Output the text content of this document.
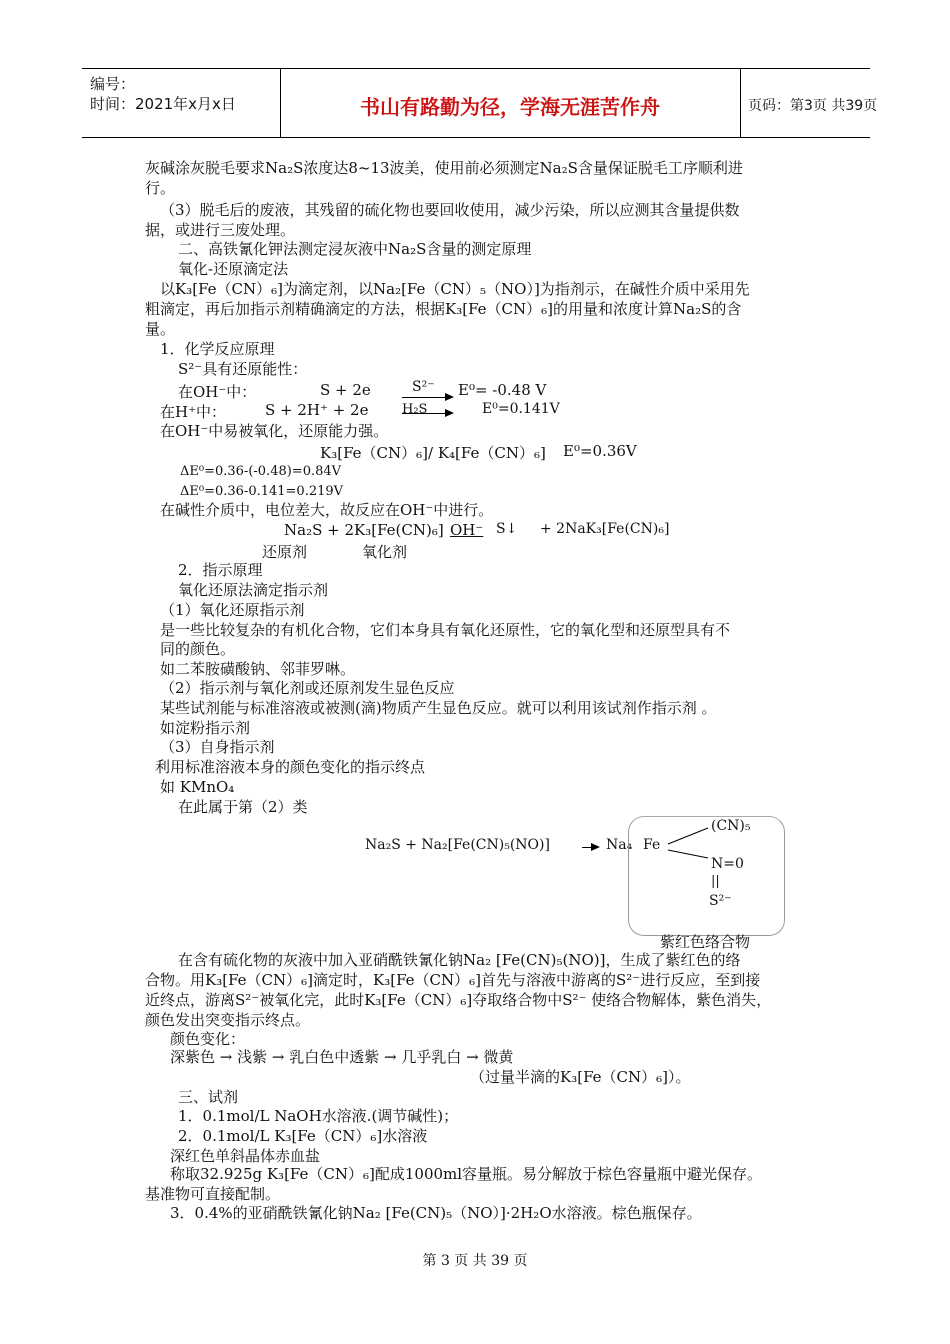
编号：
时间：2021年x月x日	书山有路勤为径，学海无涯苦作舟	页码：第3页 共39页
灰碱涂灰脱毛要求Na₂S浓度达8~13波美，使用前必须测定Na₂S含量保证脱毛工序顺利进
行。
（3）脱毛后的废液，其残留的硫化物也要回收使用，减少污染，所以应测其含量提供数
据，或进行三废处理。
二、高铁氰化钾法测定浸灰液中Na₂S含量的测定原理
氧化-还原滴定法
以K₃[Fe（CN）₆]为滴定剂，以Na₂[Fe（CN）₅（NO）]为指剂示，在碱性介质中采用先
粗滴定，再后加指示剂精确滴定的方法，根据K₃[Fe（CN）₆]的用量和浓度计算Na₂S的含
量。
1．化学反应原理
S²⁻具有还原能性：
在OH⁻中：	S + 2e	S²⁻ → E⁰= -0.48 V
在H⁺中：	S + 2H⁺ + 2e	H₂S	E⁰=0.141V
在OH⁻中易被氧化，还原能力强。
K₃[Fe（CN）₆]/ K₄[Fe（CN）₆] E⁰=0.36V
ΔE⁰=0.36-(-0.48)=0.84V
ΔE⁰=0.36-0.141=0.219V
在碱性介质中，电位差大，故反应在OH⁻中进行。
Na₂S + 2K₃[Fe(CN)₆] OH⁻ S↓ + 2NaK₃[Fe(CN)₆]
还原剂	氧化剂
2．指示原理
氧化还原法滴定指示剂
（1）氧化还原指示剂
是一些比较复杂的有机化合物，它们本身具有氧化还原性，它的氧化型和还原型具有不
同的颜色。
如二苯胺磺酸钠、邻菲罗啉。
（2）指示剂与氧化剂或还原剂发生显色反应
某些试剂能与标准溶液或被测(滴)物质产生显色反应。就可以利用该试剂作指示剂 。
如淀粉指示剂
（3）自身指示剂
利用标准溶液本身的颜色变化的指示终点
如 KMnO₄
在此属于第（2）类
Na₂S + Na₂[Fe(CN)₅(NO)]	Na₄ Fe
(CN)₅
N=0
||
S²⁻
紫红色络合物
在含有硫化物的灰液中加入亚硝酰铁氰化钠Na₂ [Fe(CN)₅(NO)]，生成了紫红色的络
合物。用K₃[Fe（CN）₆]滴定时，K₃[Fe（CN）₆]首先与溶液中游离的S²⁻进行反应，至到接
近终点，游离S²⁻被氧化完，此时K₃[Fe（CN）₆]夺取络合物中S²⁻ 使络合物解体，紫色消失，
颜色发出突变指示终点。
颜色变化：
深紫色 → 浅紫 → 乳白色中透紫 → 几乎乳白 → 微黄
（过量半滴的K₃[Fe（CN）₆]）。
三、试剂
1．0.1mol/L NaOH水溶液.(调节碱性)；
2．0.1mol/L K₃[Fe（CN）₆]水溶液
深红色单斜晶体赤血盐
称取32.925g K₃[Fe（CN）₆]配成1000ml容量瓶。易分解放于棕色容量瓶中避光保存。
基准物可直接配制。
3．0.4%的亚硝酰铁氰化钠Na₂ [Fe(CN)₅（NO）]·2H₂O水溶液。棕色瓶保存。
第 3 页 共 39 页
